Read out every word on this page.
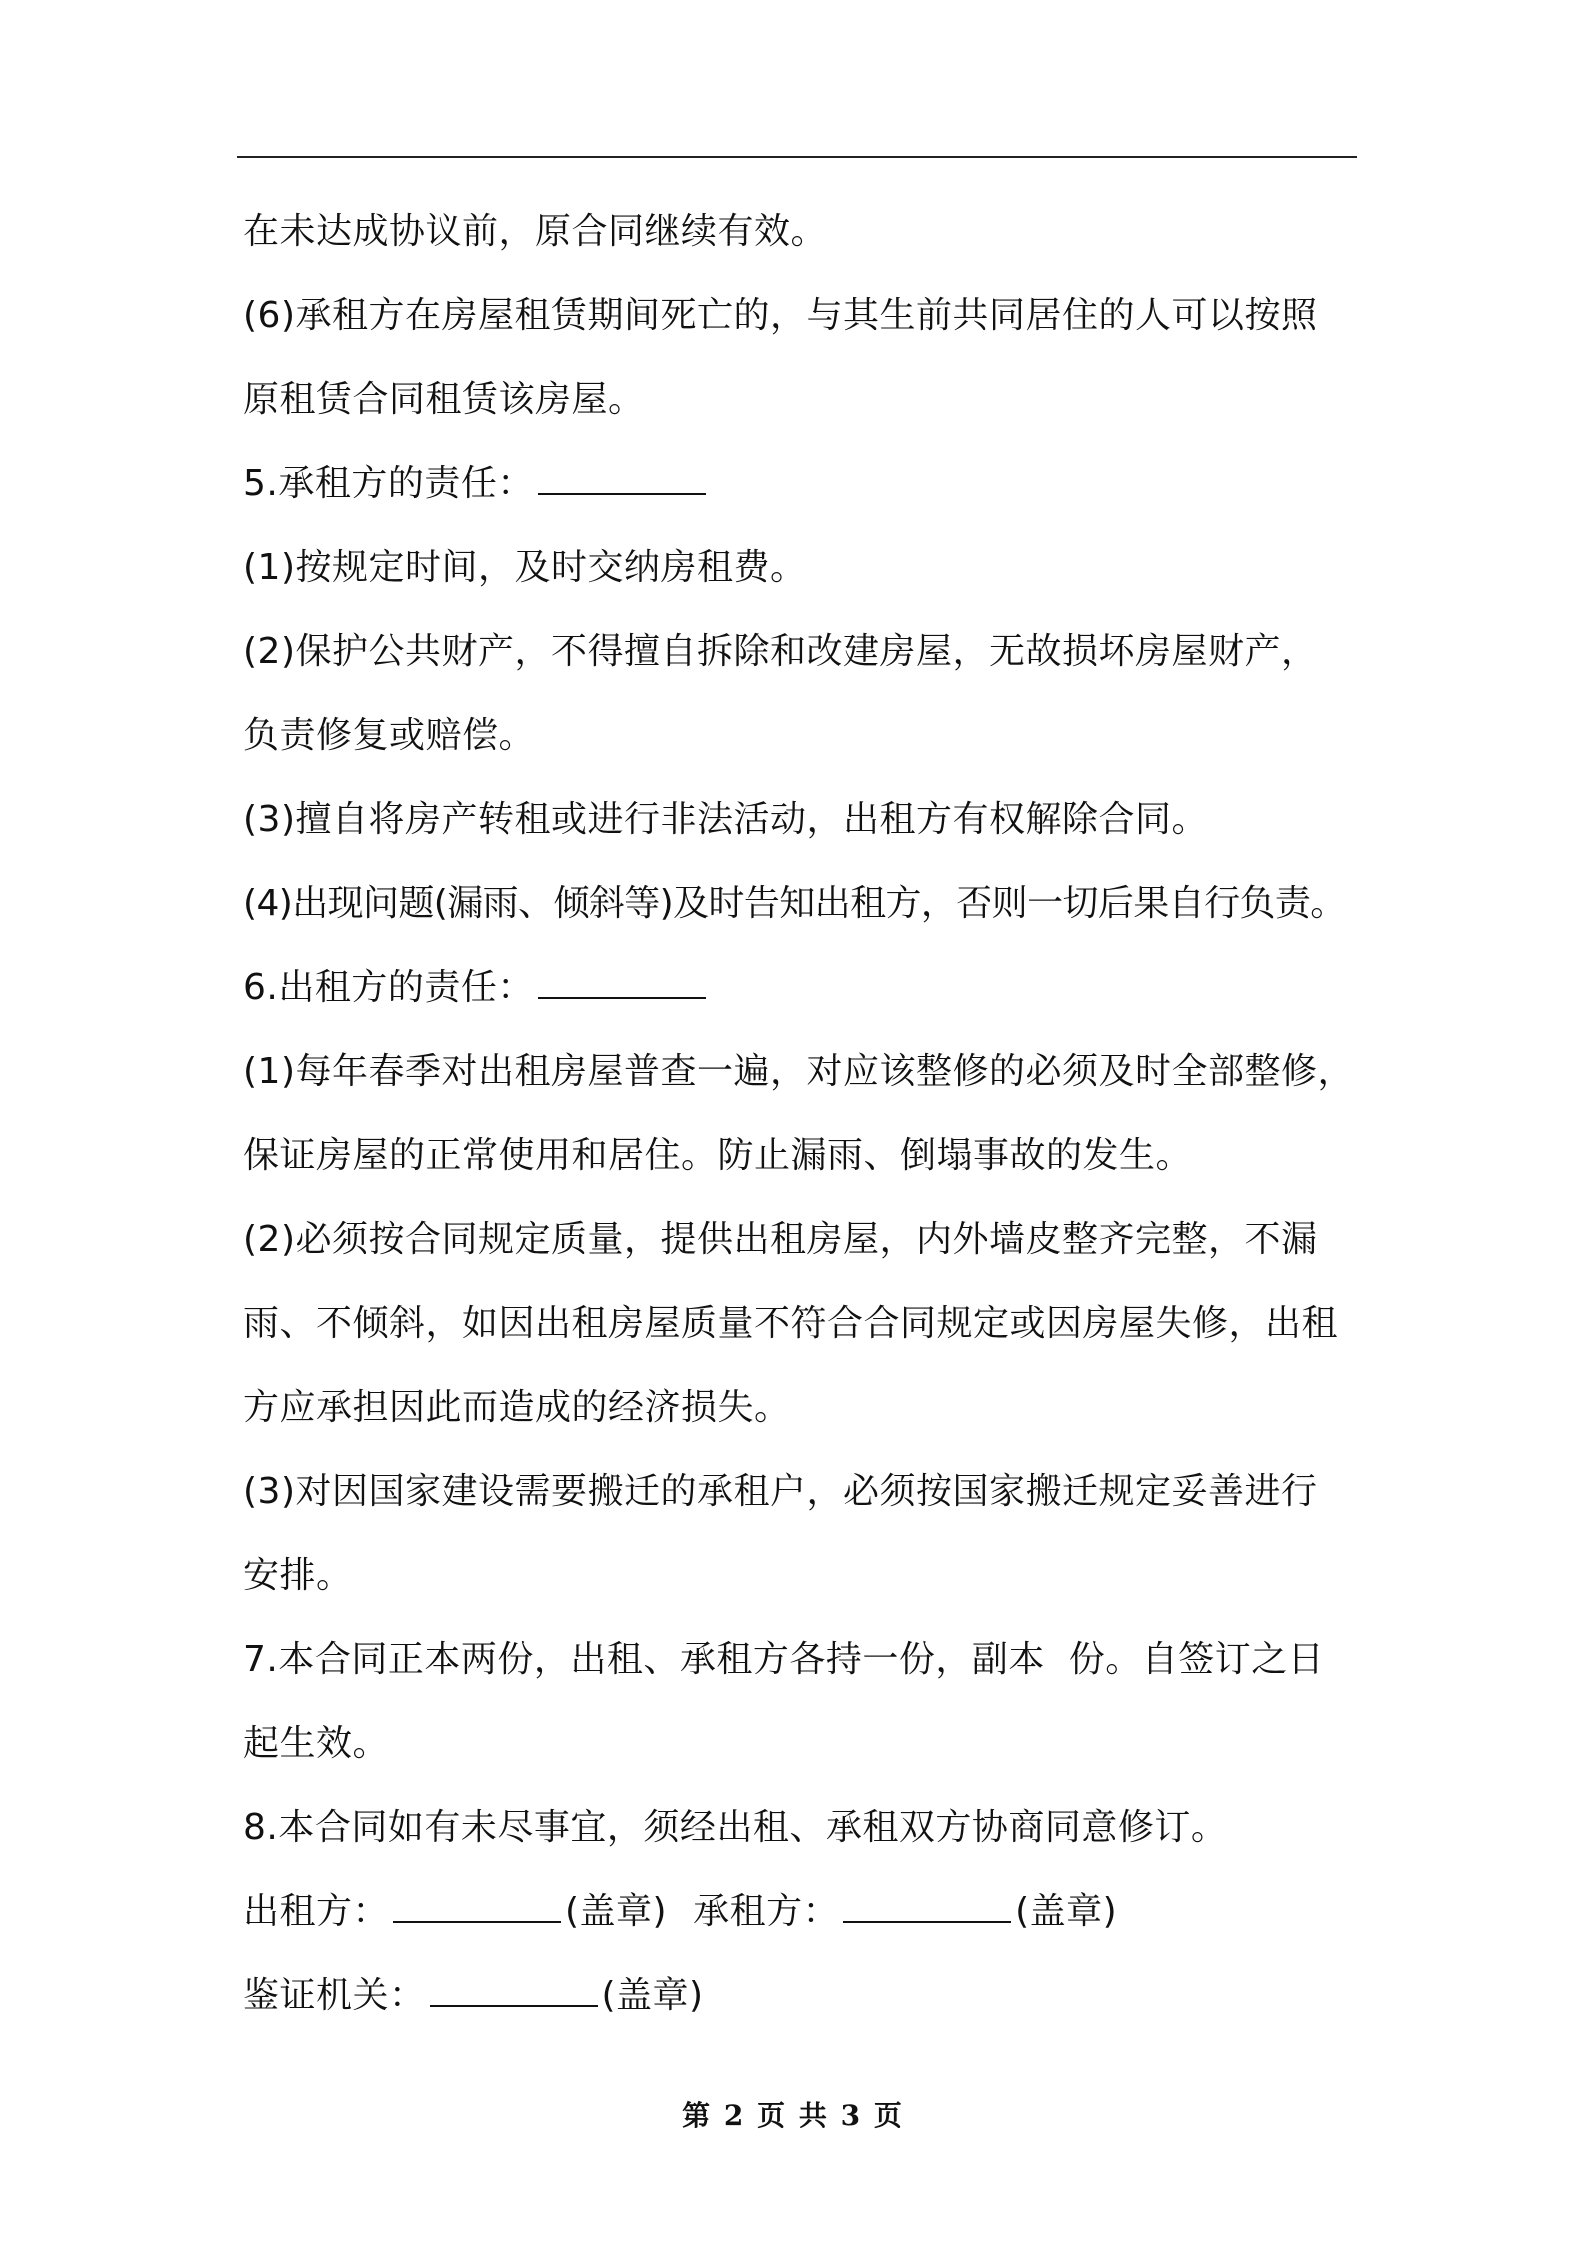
在未达成协议前，原合同继续有效。
(6)承租方在房屋租赁期间死亡的，与其生前共同居住的人可以按照
原租赁合同租赁该房屋。
5.承租方的责任：
(1)按规定时间，及时交纳房租费。
(2)保护公共财产，不得擅自拆除和改建房屋，无故损坏房屋财产，
负责修复或赔偿。
(3)擅自将房产转租或进行非法活动，出租方有权解除合同。
(4)出现问题(漏雨、倾斜等)及时告知出租方，否则一切后果自行负责。
6.出租方的责任：
(1)每年春季对出租房屋普查一遍，对应该整修的必须及时全部整修，
保证房屋的正常使用和居住。防止漏雨、倒塌事故的发生。
(2)必须按合同规定质量，提供出租房屋，内外墙皮整齐完整，不漏
雨、不倾斜，如因出租房屋质量不符合合同规定或因房屋失修，出租
方应承担因此而造成的经济损失。
(3)对因国家建设需要搬迁的承租户，必须按国家搬迁规定妥善进行
安排。
7.本合同正本两份，出租、承租方各持一份，副本  份。自签订之日
起生效。
8.本合同如有未尽事宜，须经出租、承租双方协商同意修订。
出租方：	(盖章) 承租方：	(盖章)
鉴证机关：	(盖章)
第 2 页 共 3 页
